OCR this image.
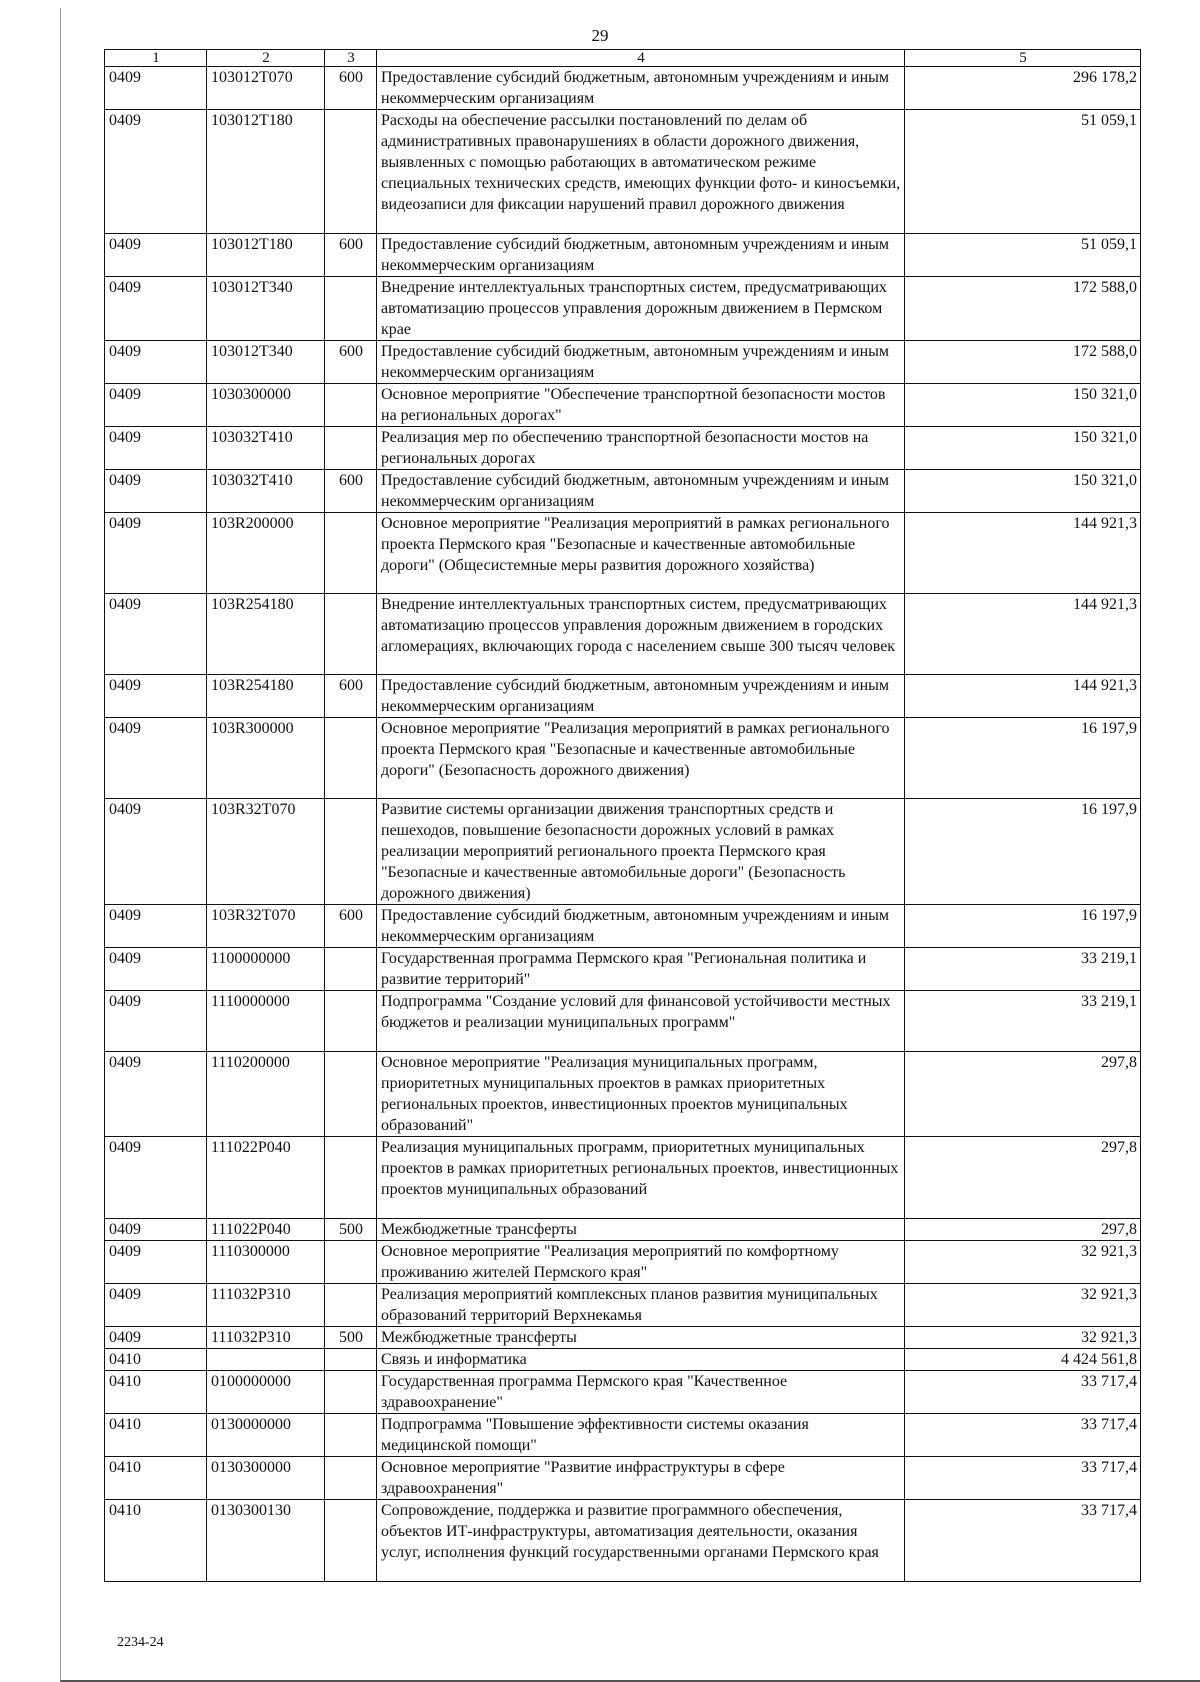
29
1	2	3	4	5
0409	103012T070	600	Предоставление субсидий бюджетным, автономным учреждениям и иным некоммерческим организациям	296 178,2
0409	103012T180		Расходы на обеспечение рассылки постановлений по делам об административных правонарушениях в области дорожного движения, выявленных с помощью работающих в автоматическом режиме специальных технических средств, имеющих функции фото- и киносъемки, видеозаписи для фиксации нарушений правил дорожного движения	51 059,1
0409	103012T180	600	Предоставление субсидий бюджетным, автономным учреждениям и иным некоммерческим организациям	51 059,1
0409	103012T340		Внедрение интеллектуальных транспортных систем, предусматривающих автоматизацию процессов управления дорожным движением в Пермском крае	172 588,0
0409	103012T340	600	Предоставление субсидий бюджетным, автономным учреждениям и иным некоммерческим организациям	172 588,0
0409	1030300000		Основное мероприятие "Обеспечение транспортной безопасности мостов на региональных дорогах"	150 321,0
0409	103032T410		Реализация мер по обеспечению транспортной безопасности мостов на региональных дорогах	150 321,0
0409	103032T410	600	Предоставление субсидий бюджетным, автономным учреждениям и иным некоммерческим организациям	150 321,0
0409	103R200000		Основное мероприятие "Реализация мероприятий в рамках регионального проекта Пермского края "Безопасные и качественные автомобильные дороги" (Общесистемные меры развития дорожного хозяйства)	144 921,3
0409	103R254180		Внедрение интеллектуальных транспортных систем, предусматривающих автоматизацию процессов управления дорожным движением в городских агломерациях, включающих города с населением свыше 300 тысяч человек	144 921,3
0409	103R254180	600	Предоставление субсидий бюджетным, автономным учреждениям и иным некоммерческим организациям	144 921,3
0409	103R300000		Основное мероприятие "Реализация мероприятий в рамках регионального проекта Пермского края "Безопасные и качественные автомобильные дороги" (Безопасность дорожного движения)	16 197,9
0409	103R32T070		Развитие системы организации движения транспортных средств и пешеходов, повышение безопасности дорожных условий в рамках реализации мероприятий регионального проекта Пермского края "Безопасные и качественные автомобильные дороги" (Безопасность дорожного движения)	16 197,9
0409	103R32T070	600	Предоставление субсидий бюджетным, автономным учреждениям и иным некоммерческим организациям	16 197,9
0409	1100000000		Государственная программа Пермского края "Региональная политика и развитие территорий"	33 219,1
0409	1110000000		Подпрограмма "Создание условий для финансовой устойчивости местных бюджетов и реализации муниципальных программ"	33 219,1
0409	1110200000		Основное мероприятие "Реализация муниципальных программ, приоритетных муниципальных проектов в рамках приоритетных региональных проектов, инвестиционных проектов муниципальных образований"	297,8
0409	111022P040		Реализация муниципальных программ, приоритетных муниципальных проектов в рамках приоритетных региональных проектов, инвестиционных проектов муниципальных образований	297,8
0409	111022P040	500	Межбюджетные трансферты	297,8
0409	1110300000		Основное мероприятие "Реализация мероприятий по комфортному проживанию жителей Пермского края"	32 921,3
0409	111032P310		Реализация мероприятий комплексных планов развития муниципальных образований территорий Верхнекамья	32 921,3
0409	111032P310	500	Межбюджетные трансферты	32 921,3
0410			Связь и информатика	4 424 561,8
0410	0100000000		Государственная программа Пермского края "Качественное здравоохранение"	33 717,4
0410	0130000000		Подпрограмма "Повышение эффективности системы оказания медицинской помощи"	33 717,4
0410	0130300000		Основное мероприятие "Развитие инфраструктуры в сфере здравоохранения"	33 717,4
0410	0130300130		Сопровождение, поддержка и развитие программного обеспечения, объектов ИТ-инфраструктуры, автоматизация деятельности, оказания услуг, исполнения функций государственными органами Пермского края	33 717,4
2234-24
